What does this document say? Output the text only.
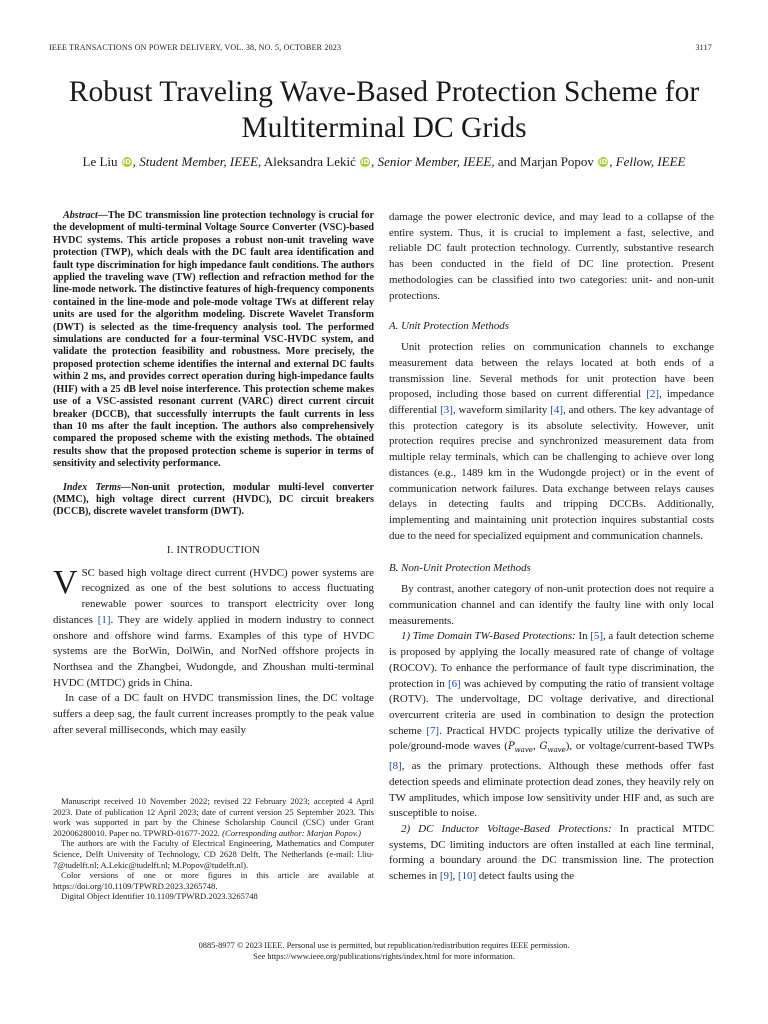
IEEE TRANSACTIONS ON POWER DELIVERY, VOL. 38, NO. 5, OCTOBER 2023	3117
Robust Traveling Wave-Based Protection Scheme for
Multiterminal DC Grids
Le Liu iD , Student Member, IEEE, Aleksandra Lekić iD , Senior Member, IEEE, and Marjan Popov iD , Fellow, IEEE

Abstract—The DC transmission line protection technology is crucial for the development of multi-terminal Voltage Source Converter (VSC)-based HVDC systems. This article proposes a robust non-unit traveling wave protection (TWP), which deals with the DC fault area identification and fault type discrimination for high impedance fault conditions. The authors applied the traveling wave (TW) reflection and refraction method for the line-mode network. The distinctive features of high-frequency components contained in the line-mode and pole-mode voltage TWs at different relay units are used for the algorithm modeling. Discrete Wavelet Transform (DWT) is selected as the time-frequency analysis tool. The performed simulations are conducted for a four-terminal VSC-HVDC system, and validate the protection feasibility and robustness. More precisely, the proposed protection scheme identifies the internal and external DC faults within 2 ms, and provides correct operation during high-impedance faults (HIF) with a 25 dB level noise interference. This protection scheme makes use of a VSC-assisted resonant current (VARC) direct current circuit breaker (DCCB), that successfully interrupts the fault currents in less than 10 ms after the fault inception. The authors also comprehensively compared the proposed scheme with the existing methods. The obtained results show that the proposed protection scheme is superior in terms of sensitivity and selectivity performance.

Index Terms—Non-unit protection, modular multi-level converter (MMC), high voltage direct current (HVDC), DC circuit breakers (DCCB), discrete wavelet transform (DWT).

I. INTRODUCTION

VSC based high voltage direct current (HVDC) power systems are recognized as one of the best solutions to access fluctuating renewable power sources to transport electricity over long distances [1]. They are widely applied in modern industry to connect onshore and offshore wind farms. Examples of this type of HVDC systems are the BorWin, DolWin, and NorNed offshore projects in Northsea and the Zhangbei, Wudongde, and Zhoushan multi-terminal HVDC (MTDC) grids in China.

In case of a DC fault on HVDC transmission lines, the DC voltage suffers a deep sag, the fault current increases promptly to the peak value after several milliseconds, which may easily

Manuscript received 10 November 2022; revised 22 February 2023; accepted 4 April 2023. Date of publication 12 April 2023; date of current version 25 September 2023. This work was supported in part by the Chinese Scholarship Council (CSC) under Grant 202006280010. Paper no. TPWRD-01677-2022. (Corresponding author: Marjan Popov.)

The authors are with the Faculty of Electrical Engineering, Mathematics and Computer Science, Delft University of Technology, CD 2628 Delft, The Netherlands (e-mail: l.liu-7@tudelft.nl; A.Lekic@tudelft.nl; M.Popov@tudelft.nl).

Color versions of one or more figures in this article are available at https://doi.org/10.1109/TPWRD.2023.3265748.

Digital Object Identifier 10.1109/TPWRD.2023.3265748

damage the power electronic device, and may lead to a collapse of the entire system. Thus, it is crucial to implement a fast, selective, and reliable DC fault protection technology. Currently, substantive research has been conducted in the field of DC line protection. Present methodologies can be classified into two categories: unit- and non-unit protections.

A. Unit Protection Methods

Unit protection relies on communication channels to exchange measurement data between the relays located at both ends of a transmission line. Several methods for unit protection have been proposed, including those based on current differential [2], impedance differential [3], waveform similarity [4], and others. The key advantage of this protection category is its absolute selectivity. However, unit protection requires precise and synchronized measurement data from multiple relay terminals, which can be challenging to achieve over long distances (e.g., 1489 km in the Wudongde project) or in the event of communication network failures. Data exchange between relays causes delays in detecting faults and tripping DCCBs. Additionally, implementing and maintaining unit protection inquires substantial costs due to the need for specialized equipment and communication channels.

B. Non-Unit Protection Methods

By contrast, another category of non-unit protection does not require a communication channel and can identify the faulty line with only local measurements.

1) Time Domain TW-Based Protections: In [5], a fault detection scheme is proposed by applying the locally measured rate of change of voltage (ROCOV). To enhance the performance of fault type discrimination, the protection in [6] was achieved by computing the ratio of transient voltage (ROTV). The undervoltage, DC voltage derivative, and directional overcurrent criteria are used in combination to design the protection scheme [7]. Practical HVDC projects typically utilize the derivative of pole/ground-mode waves ($P_{wave}$, $G_{wave}$), or voltage/current-based TWPs [8], as the primary protections. Although these methods offer fast detection speeds and eliminate protection dead zones, they heavily rely on TW amplitudes, which impose low sensitivity under HIF and, as such are susceptible to noise.

2) DC Inductor Voltage-Based Protections: In practical MTDC systems, DC limiting inductors are often installed at each line terminal, forming a boundary around the DC transmission line. The protection schemes in [9], [10] detect faults using the

0885-8977 © 2023 IEEE. Personal use is permitted, but republication/redistribution requires IEEE permission.
See https://www.ieee.org/publications/rights/index.html for more information.
